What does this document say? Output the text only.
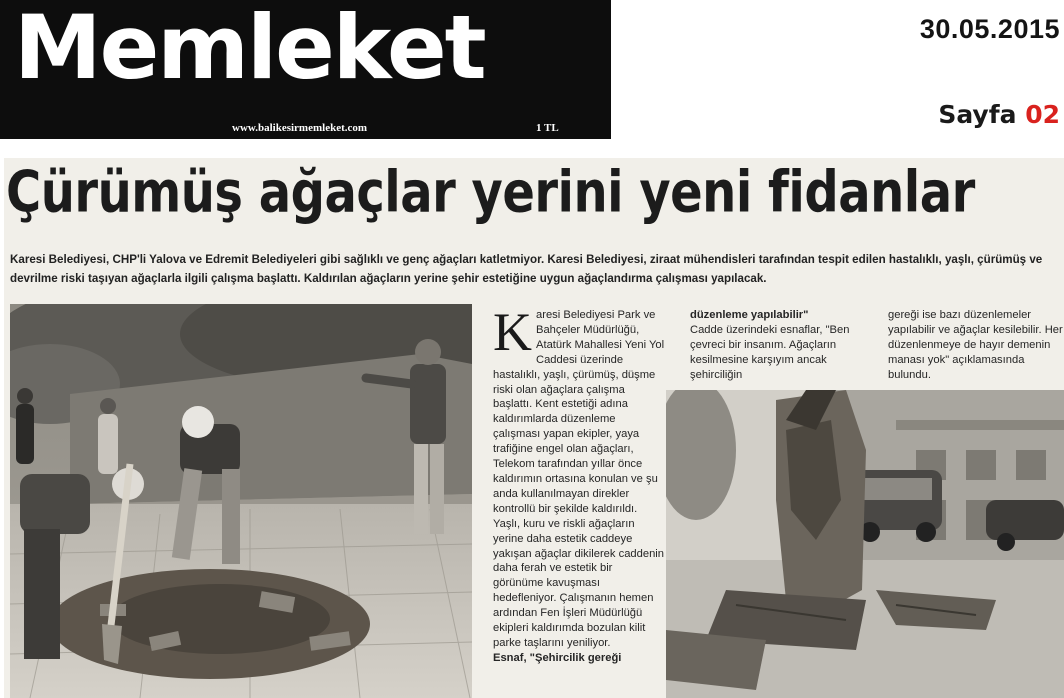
Memleket
www.balikesirmemleket.com	1 TL
30.05.2015
Sayfa 02
Çürümüş ağaçlar yerini yeni fidanlar
Karesi Belediyesi, CHP'li Yalova ve Edremit Belediyeleri gibi sağlıklı ve genç ağaçları katletmiyor. Karesi Belediyesi, ziraat mühendisleri tarafından tespit edilen hastalıklı, yaşlı, çürümüş ve devrilme riski taşıyan ağaçlarla ilgili çalışma başlattı. Kaldırılan ağaçların yerine şehir estetiğine uygun ağaçlandırma çalışması yapılacak.
K aresi Belediyesi Park ve Bahçeler Müdürlüğü, Atatürk Mahallesi Yeni Yol Caddesi üzerinde hastalıklı, yaşlı, çürümüş, düşme riski olan ağaçlara çalışma başlattı. Kent estetiği adına kaldırımlarda düzenleme çalışması yapan ekipler, yaya trafiğine engel olan ağaçları, Telekom tarafından yıllar önce kaldırımın ortasına konulan ve şu anda kullanılmayan direkler kontrollü bir şekilde kaldırıldı. Yaşlı, kuru ve riskli ağaçların yerine daha estetik caddeye yakışan ağaçlar dikilerek caddenin daha ferah ve estetik bir görünüme kavuşması hedefleniyor. Çalışmanın hemen ardından Fen İşleri Müdürlüğü ekipleri kaldırımda bozulan kilit parke taşlarını yeniliyor.
Esnaf, "Şehircilik gereği
düzenleme yapılabilir"
Cadde üzerindeki esnaflar, "Ben çevreci bir insanım. Ağaçların kesilmesine karşıyım ancak şehirciliğin
gereği ise bazı düzenlemeler yapılabilir ve ağaçlar kesilebilir. Her düzenlenmeye de hayır demenin manası yok" açıklamasında bulundu.
